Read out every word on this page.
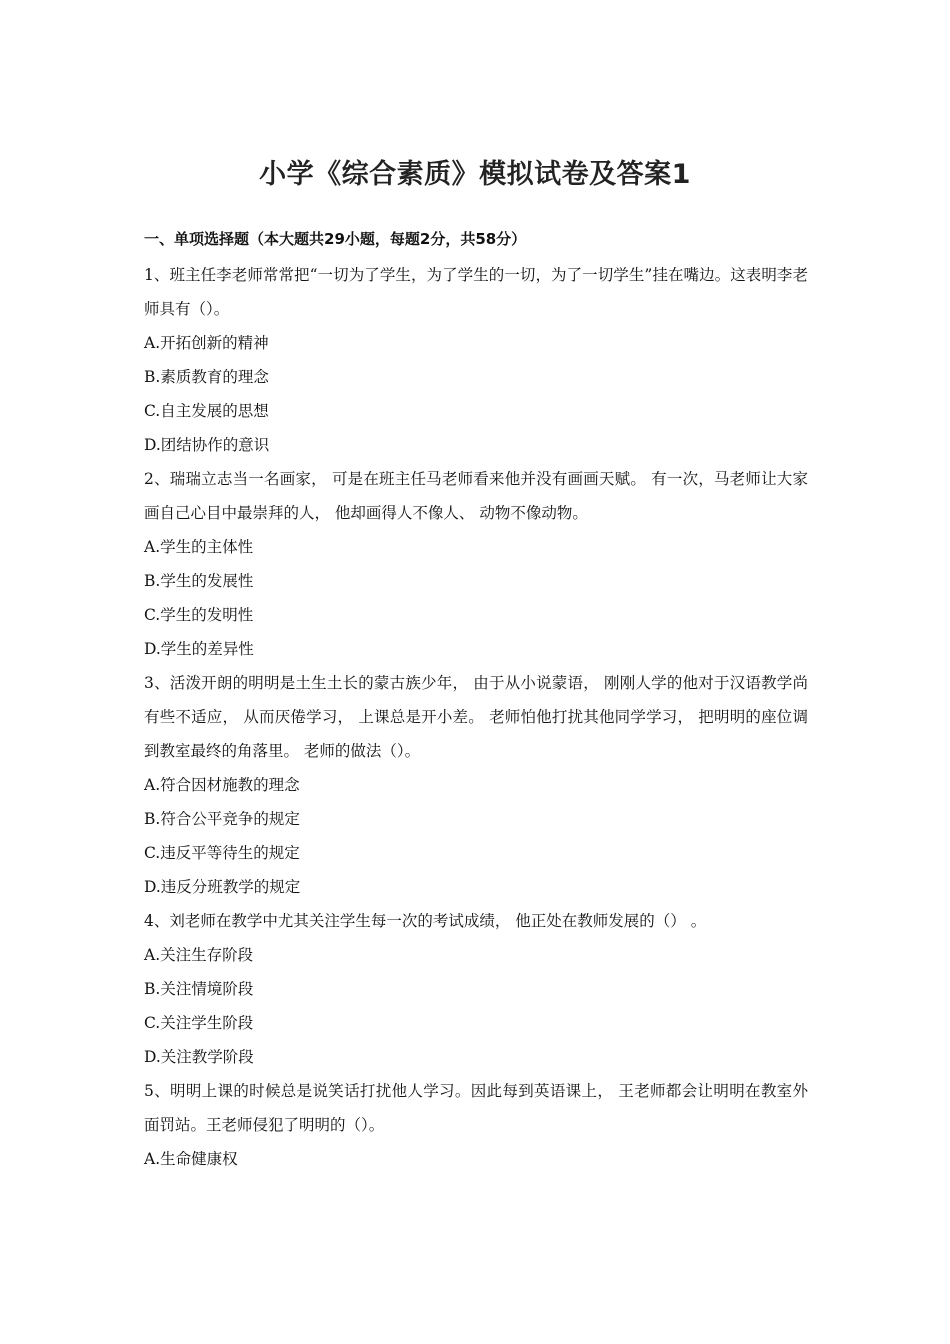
小学《综合素质》模拟试卷及答案1

一、单项选择题（本大题共29小题，每题2分，共58分）

1、班主任李老师常常把“一切为了学生，为了学生的一切，为了一切学生”挂在嘴边。这表明李老师具有（）。

A.开拓创新的精神

B.素质教育的理念

C.自主发展的思想

D.团结协作的意识

2、瑞瑞立志当一名画家， 可是在班主任马老师看来他并没有画画天赋。 有一次，马老师让大家画自己心目中最崇拜的人， 他却画得人不像人、 动物不像动物。

A.学生的主体性

B.学生的发展性

C.学生的发明性

D.学生的差异性

3、活泼开朗的明明是土生土长的蒙古族少年， 由于从小说蒙语， 刚刚人学的他对于汉语教学尚有些不适应， 从而厌倦学习， 上课总是开小差。 老师怕他打扰其他同学学习， 把明明的座位调到教室最终的角落里。 老师的做法（）。

A.符合因材施教的理念

B.符合公平竞争的规定

C.违反平等待生的规定

D.违反分班教学的规定

4、刘老师在教学中尤其关注学生每一次的考试成绩， 他正处在教师发展的（） 。

A.关注生存阶段

B.关注情境阶段

C.关注学生阶段

D.关注教学阶段

5、明明上课的时候总是说笑话打扰他人学习。因此每到英语课上， 王老师都会让明明在教室外面罚站。王老师侵犯了明明的（）。

A.生命健康权
